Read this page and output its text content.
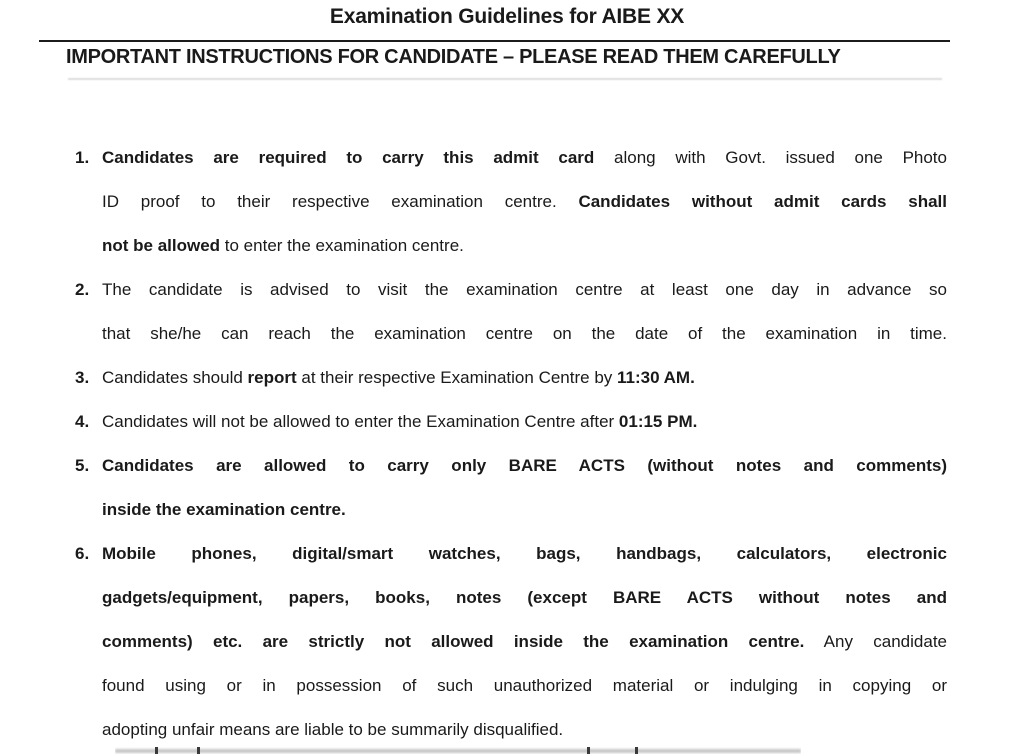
Examination Guidelines for AIBE XX
IMPORTANT INSTRUCTIONS FOR CANDIDATE – PLEASE READ THEM CAREFULLY
1. Candidates are required to carry this admit card along with Govt. issued one Photo
ID proof to their respective examination centre. Candidates without admit cards shall
not be allowed to enter the examination centre.
2. The candidate is advised to visit the examination centre at least one day in advance so
that she/he can reach the examination centre on the date of the examination in time.
3. Candidates should report at their respective Examination Centre by 11:30 AM.
4. Candidates will not be allowed to enter the Examination Centre after 01:15 PM.
5. Candidates are allowed to carry only BARE ACTS (without notes and comments)
inside the examination centre.
6. Mobile phones, digital/smart watches, bags, handbags, calculators, electronic
gadgets/equipment, papers, books, notes (except BARE ACTS without notes and
comments) etc. are strictly not allowed inside the examination centre. Any candidate
found using or in possession of such unauthorized material or indulging in copying or
adopting unfair means are liable to be summarily disqualified.
